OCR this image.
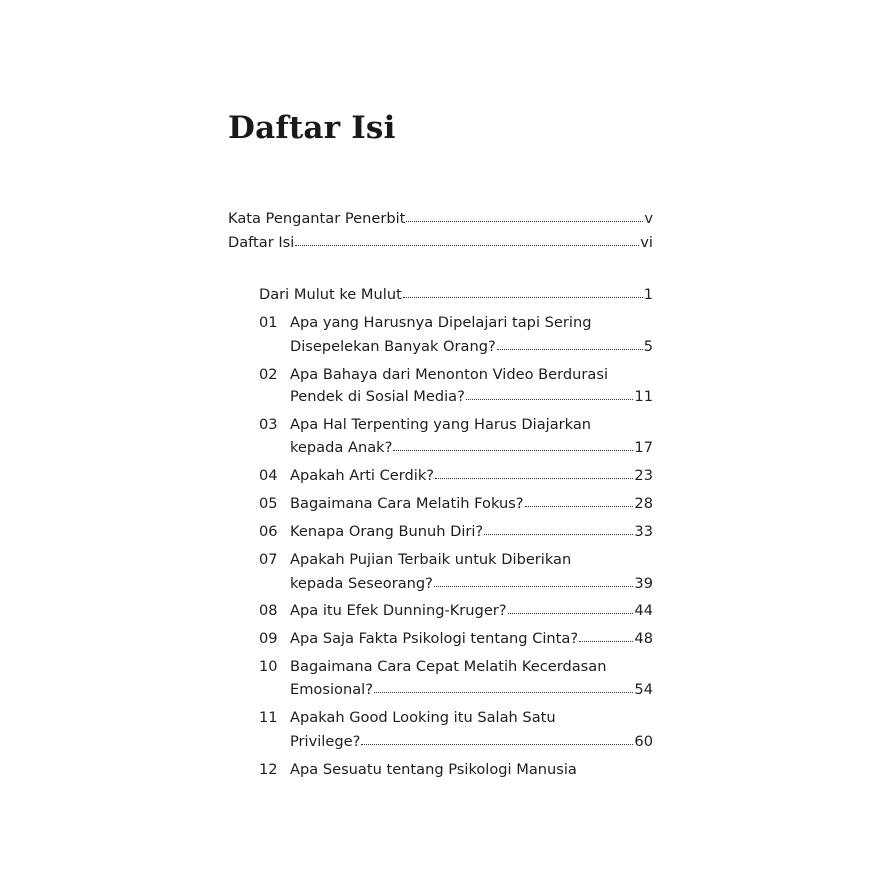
Daftar Isi
Kata Pengantar Penerbit	v
Daftar Isi	vi
Dari Mulut ke Mulut	1
01 Apa yang Harusnya Dipelajari tapi Sering
Disepelekan Banyak Orang?	5
02 Apa Bahaya dari Menonton Video Berdurasi
Pendek di Sosial Media?	11
03 Apa Hal Terpenting yang Harus Diajarkan
kepada Anak?	17
04 Apakah Arti Cerdik?	23
05 Bagaimana Cara Melatih Fokus?	28
06 Kenapa Orang Bunuh Diri?	33
07 Apakah Pujian Terbaik untuk Diberikan
kepada Seseorang?	39
08 Apa itu Efek Dunning-Kruger?	44
09 Apa Saja Fakta Psikologi tentang Cinta?	48
10 Bagaimana Cara Cepat Melatih Kecerdasan
Emosional?	54
11 Apakah Good Looking itu Salah Satu
Privilege?	60
12 Apa Sesuatu tentang Psikologi Manusia
